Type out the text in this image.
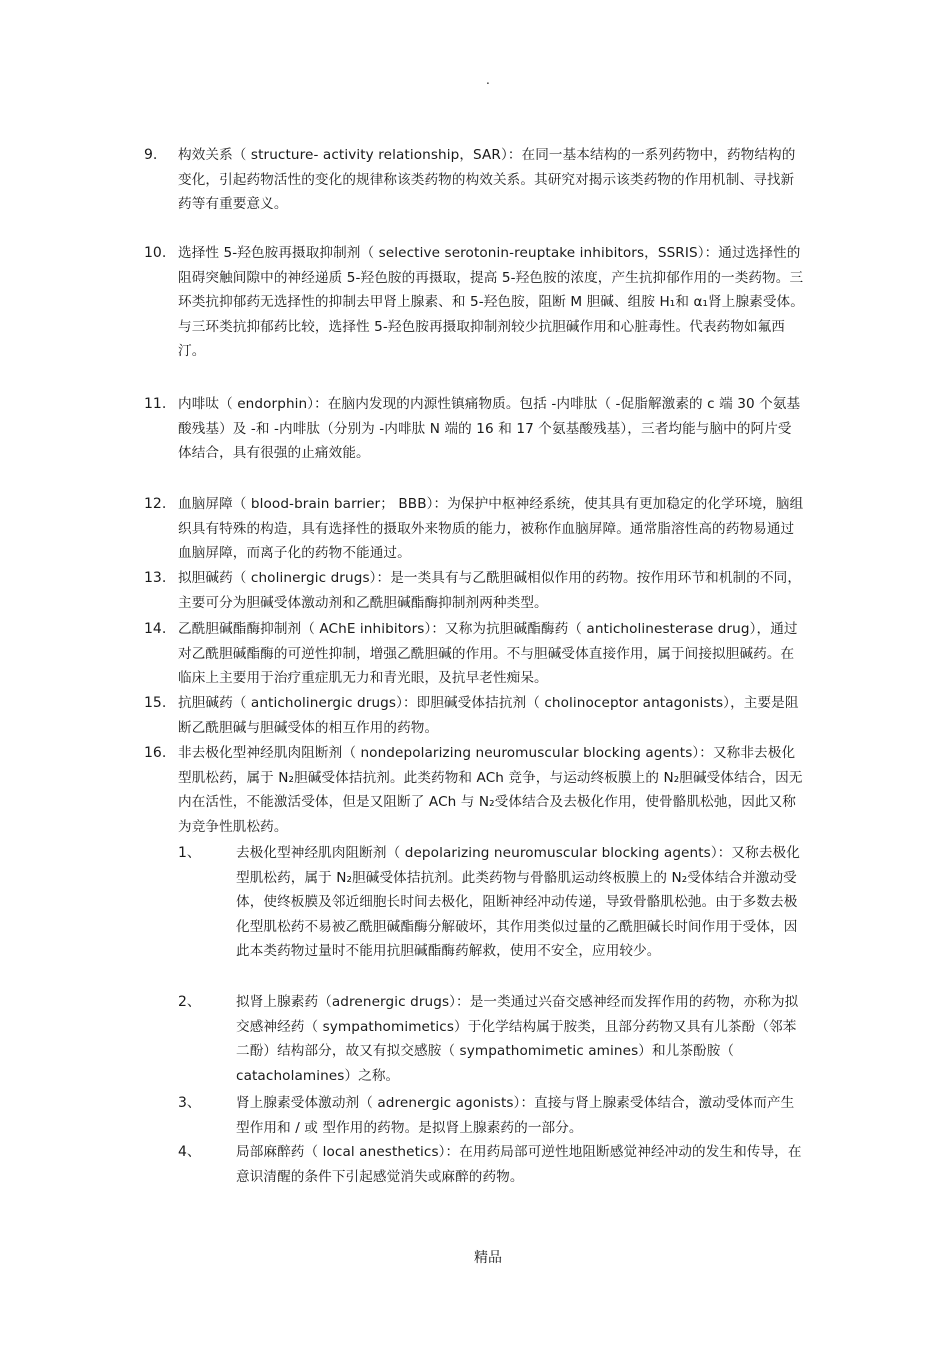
.
9. 构效关系（ structure- activity relationship，SAR）：在同一基本结构的一系列药物中，药物结构的变化，引起药物活性的变化的规律称该类药物的构效关系。其研究对揭示该类药物的作用机制、寻找新药等有重要意义。
10. 选择性 5-羟色胺再摄取抑制剂（ selective serotonin-reuptake inhibitors，SSRIS）：通过选择性的阻碍突触间隙中的神经递质 5-羟色胺的再摄取，提高 5-羟色胺的浓度，产生抗抑郁作用的一类药物。三环类抗抑郁药无选择性的抑制去甲肾上腺素、和 5-羟色胺，阻断 M 胆碱、组胺 H₁和 α₁肾上腺素受体。与三环类抗抑郁药比较，选择性 5-羟色胺再摄取抑制剂较少抗胆碱作用和心脏毒性。代表药物如氟西汀。
11. 内啡呔（ endorphin）：在脑内发现的内源性镇痛物质。包括 -内啡肽（ -促脂解激素的 c 端 30 个氨基酸残基）及 -和 -内啡肽（分别为 -内啡肽 N 端的 16 和 17 个氨基酸残基），三者均能与脑中的阿片受体结合，具有很强的止痛效能。
12. 血脑屏障（ blood-brain barrier； BBB）：为保护中枢神经系统，使其具有更加稳定的化学环境，脑组织具有特殊的构造，具有选择性的摄取外来物质的能力，被称作血脑屏障。通常脂溶性高的药物易通过血脑屏障，而离子化的药物不能通过。
13. 拟胆碱药（ cholinergic drugs）：是一类具有与乙酰胆碱相似作用的药物。按作用环节和机制的不同，主要可分为胆碱受体激动剂和乙酰胆碱酯酶抑制剂两种类型。
14. 乙酰胆碱酯酶抑制剂（ AChE inhibitors）：又称为抗胆碱酯酶药（ anticholinesterase drug），通过对乙酰胆碱酯酶的可逆性抑制，增强乙酰胆碱的作用。不与胆碱受体直接作用，属于间接拟胆碱药。在临床上主要用于治疗重症肌无力和青光眼，及抗早老性痴呆。
15. 抗胆碱药（ anticholinergic drugs）：即胆碱受体拮抗剂（ cholinoceptor antagonists），主要是阻断乙酰胆碱与胆碱受体的相互作用的药物。
16. 非去极化型神经肌肉阻断剂（ nondepolarizing neuromuscular blocking agents）：又称非去极化型肌松药，属于 N₂胆碱受体拮抗剂。此类药物和 ACh 竞争，与运动终板膜上的 N₂胆碱受体结合，因无内在活性，不能激活受体，但是又阻断了 ACh 与 N₂受体结合及去极化作用，使骨骼肌松弛，因此又称为竞争性肌松药。
1、	去极化型神经肌肉阻断剂（ depolarizing neuromuscular blocking agents）：又称去极化型肌松药，属于 N₂胆碱受体拮抗剂。此类药物与骨骼肌运动终板膜上的 N₂受体结合并激动受体，使终板膜及邻近细胞长时间去极化，阻断神经冲动传递，导致骨骼肌松弛。由于多数去极化型肌松药不易被乙酰胆碱酯酶分解破坏，其作用类似过量的乙酰胆碱长时间作用于受体，因此本类药物过量时不能用抗胆碱酯酶药解救，使用不安全，应用较少。
2、	拟肾上腺素药（adrenergic drugs）：是一类通过兴奋交感神经而发挥作用的药物，亦称为拟交感神经药（ sympathomimetics）于化学结构属于胺类，且部分药物又具有儿茶酚（邻苯二酚）结构部分，故又有拟交感胺（ sympathomimetic amines）和儿茶酚胺（ catacholamines）之称。
3、	肾上腺素受体激动剂（ adrenergic agonists）：直接与肾上腺素受体结合，激动受体而产生 型作用和 / 或 型作用的药物。是拟肾上腺素药的一部分。
4、	局部麻醉药（ local anesthetics）：在用药局部可逆性地阻断感觉神经冲动的发生和传导，在意识清醒的条件下引起感觉消失或麻醉的药物。
精品
